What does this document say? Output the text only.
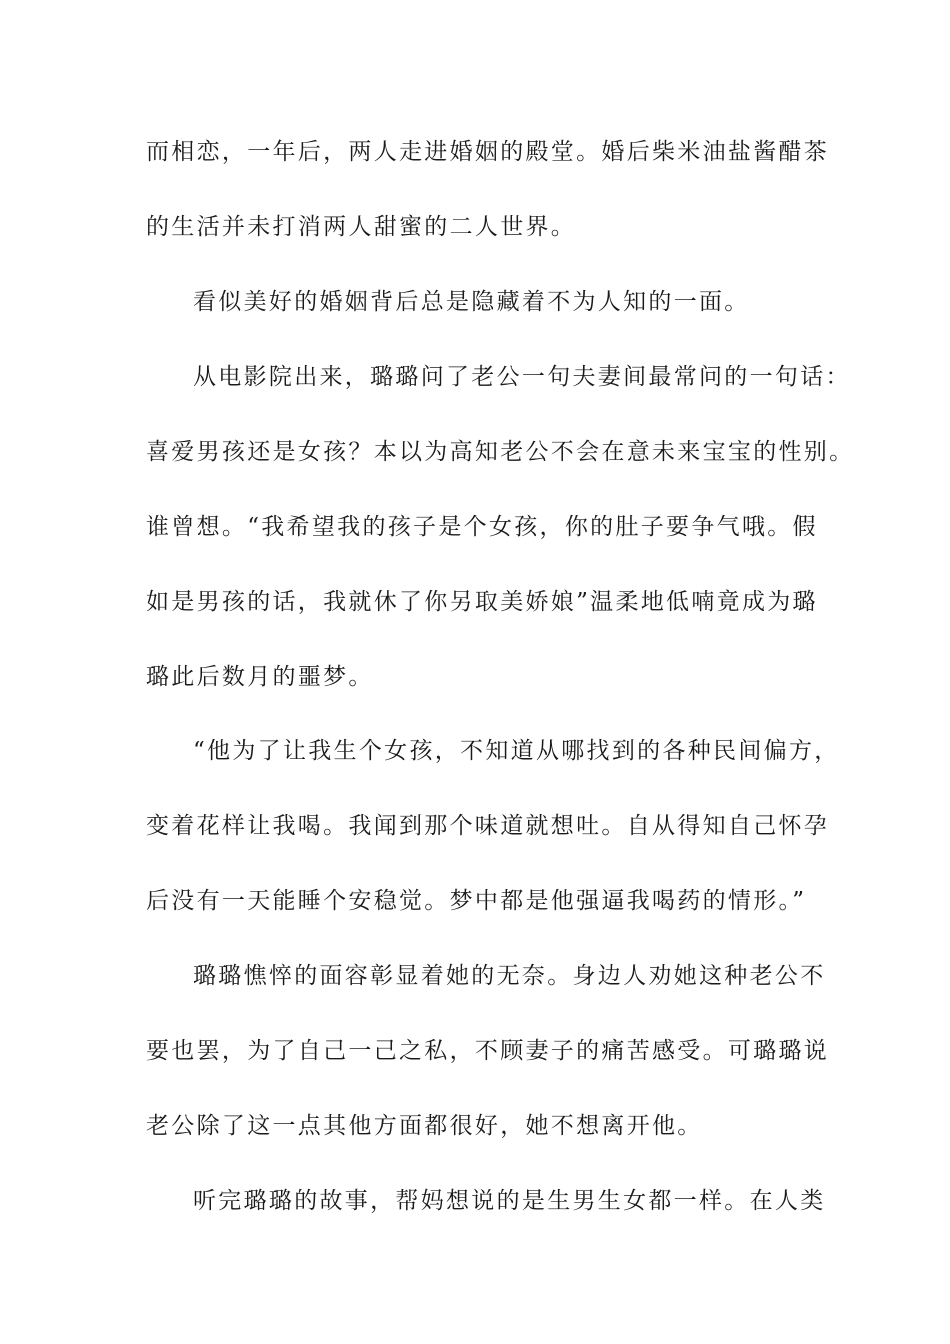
而相恋，一年后，两人走进婚姻的殿堂。婚后柴米油盐酱醋茶
的生活并未打消两人甜蜜的二人世界。
看似美好的婚姻背后总是隐藏着不为人知的一面。
从电影院出来，璐璐问了老公一句夫妻间最常问的一句话：
喜爱男孩还是女孩？本以为高知老公不会在意未来宝宝的性别。
谁曾想。“我希望我的孩子是个女孩，你的肚子要争气哦。假
如是男孩的话，我就休了你另取美娇娘”温柔地低喃竟成为璐
璐此后数月的噩梦。
“他为了让我生个女孩，不知道从哪找到的各种民间偏方，
变着花样让我喝。我闻到那个味道就想吐。自从得知自己怀孕
后没有一天能睡个安稳觉。梦中都是他强逼我喝药的情形。”
璐璐憔悴的面容彰显着她的无奈。身边人劝她这种老公不
要也罢，为了自己一己之私，不顾妻子的痛苦感受。可璐璐说
老公除了这一点其他方面都很好，她不想离开他。
听完璐璐的故事，帮妈想说的是生男生女都一样。在人类
